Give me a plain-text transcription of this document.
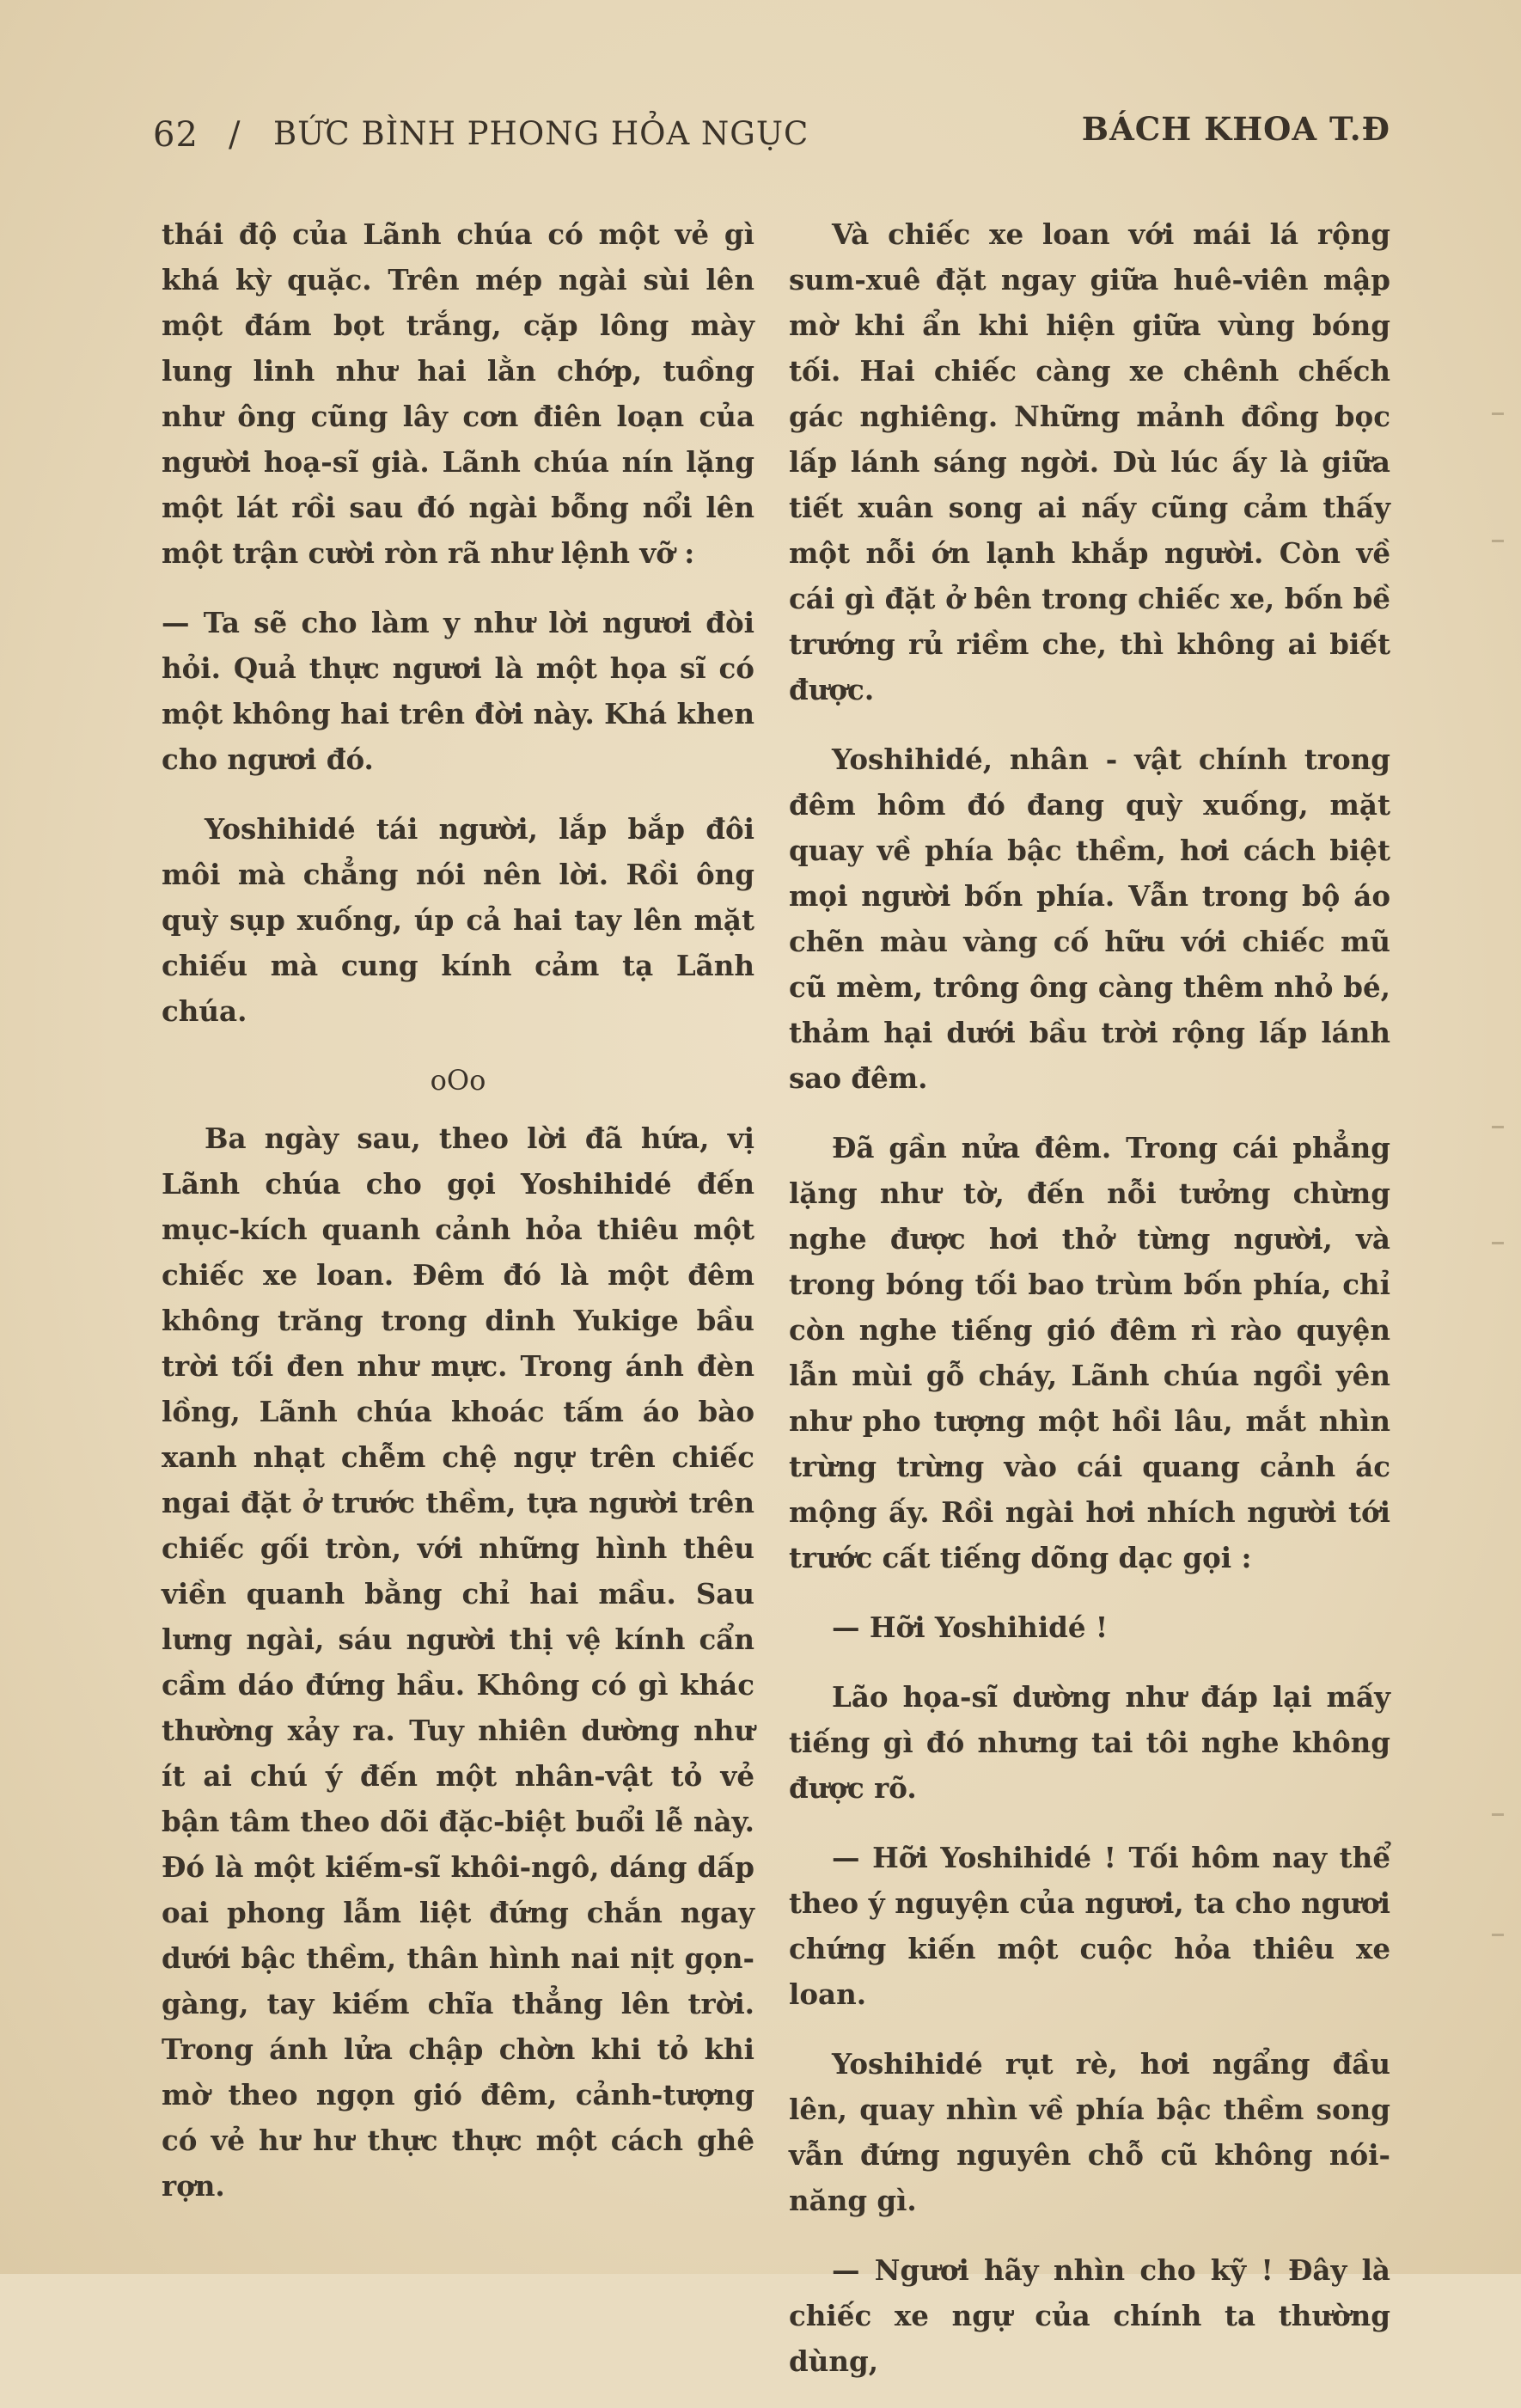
62 / BỨC BÌNH PHONG HỎA NGỤC	BÁCH KHOA T.Đ

thái độ của Lãnh chúa có một vẻ gì khá kỳ quặc. Trên mép ngài sùi lên một đám bọt trắng, cặp lông mày lung linh như hai lằn chớp, tuồng như ông cũng lây cơn điên loạn của người hoạ-sĩ già. Lãnh chúa nín lặng một lát rồi sau đó ngài bỗng nổi lên một trận cười ròn rã như lệnh vỡ :

— Ta sẽ cho làm y như lời ngươi đòi hỏi. Quả thực ngươi là một họa sĩ có một không hai trên đời này. Khá khen cho ngươi đó.

Yoshihidé tái người, lắp bắp đôi môi mà chẳng nói nên lời. Rồi ông quỳ sụp xuống, úp cả hai tay lên mặt chiếu mà cung kính cảm tạ Lãnh chúa.

oOo

Ba ngày sau, theo lời đã hứa, vị Lãnh chúa cho gọi Yoshihidé đến mục-kích quanh cảnh hỏa thiêu một chiếc xe loan. Đêm đó là một đêm không trăng trong dinh Yukige bầu trời tối đen như mực. Trong ánh đèn lồng, Lãnh chúa khoác tấm áo bào xanh nhạt chễm chệ ngự trên chiếc ngai đặt ở trước thềm, tựa người trên chiếc gối tròn, với những hình thêu viền quanh bằng chỉ hai mầu. Sau lưng ngài, sáu người thị vệ kính cẩn cầm dáo đứng hầu. Không có gì khác thường xảy ra. Tuy nhiên dường như ít ai chú ý đến một nhân-vật tỏ vẻ bận tâm theo dõi đặc-biệt buổi lễ này. Đó là một kiếm-sĩ khôi-ngô, dáng dấp oai phong lẫm liệt đứng chắn ngay dưới bậc thềm, thân hình nai nịt gọn-gàng, tay kiếm chĩa thẳng lên trời. Trong ánh lửa chập chờn khi tỏ khi mờ theo ngọn gió đêm, cảnh-tượng có vẻ hư hư thực thực một cách ghê rợn.

Và chiếc xe loan với mái lá rộng sum-xuê đặt ngay giữa huê-viên mập mờ khi ẩn khi hiện giữa vùng bóng tối. Hai chiếc càng xe chênh chếch gác nghiêng. Những mảnh đồng bọc lấp lánh sáng ngời. Dù lúc ấy là giữa tiết xuân song ai nấy cũng cảm thấy một nỗi ớn lạnh khắp người. Còn về cái gì đặt ở bên trong chiếc xe, bốn bề trướng rủ riềm che, thì không ai biết được.

Yoshihidé, nhân - vật chính trong đêm hôm đó đang quỳ xuống, mặt quay về phía bậc thềm, hơi cách biệt mọi người bốn phía. Vẫn trong bộ áo chẽn màu vàng cố hữu với chiếc mũ cũ mèm, trông ông càng thêm nhỏ bé, thảm hại dưới bầu trời rộng lấp lánh sao đêm.

Đã gần nửa đêm. Trong cái phẳng lặng như tờ, đến nỗi tưởng chừng nghe được hơi thở từng người, và trong bóng tối bao trùm bốn phía, chỉ còn nghe tiếng gió đêm rì rào quyện lẫn mùi gỗ cháy, Lãnh chúa ngồi yên như pho tượng một hồi lâu, mắt nhìn trừng trừng vào cái quang cảnh ác mộng ấy. Rồi ngài hơi nhích người tới trước cất tiếng dõng dạc gọi :

— Hỡi Yoshihidé !

Lão họa-sĩ dường như đáp lại mấy tiếng gì đó nhưng tai tôi nghe không được rõ.

— Hỡi Yoshihidé ! Tối hôm nay thể theo ý nguyện của ngươi, ta cho ngươi chứng kiến một cuộc hỏa thiêu xe loan.

Yoshihidé rụt rè, hơi ngẩng đầu lên, quay nhìn về phía bậc thềm song vẫn đứng nguyên chỗ cũ không nói-năng gì.

— Ngươi hãy nhìn cho kỹ ! Đây là chiếc xe ngự của chính ta thường dùng,
